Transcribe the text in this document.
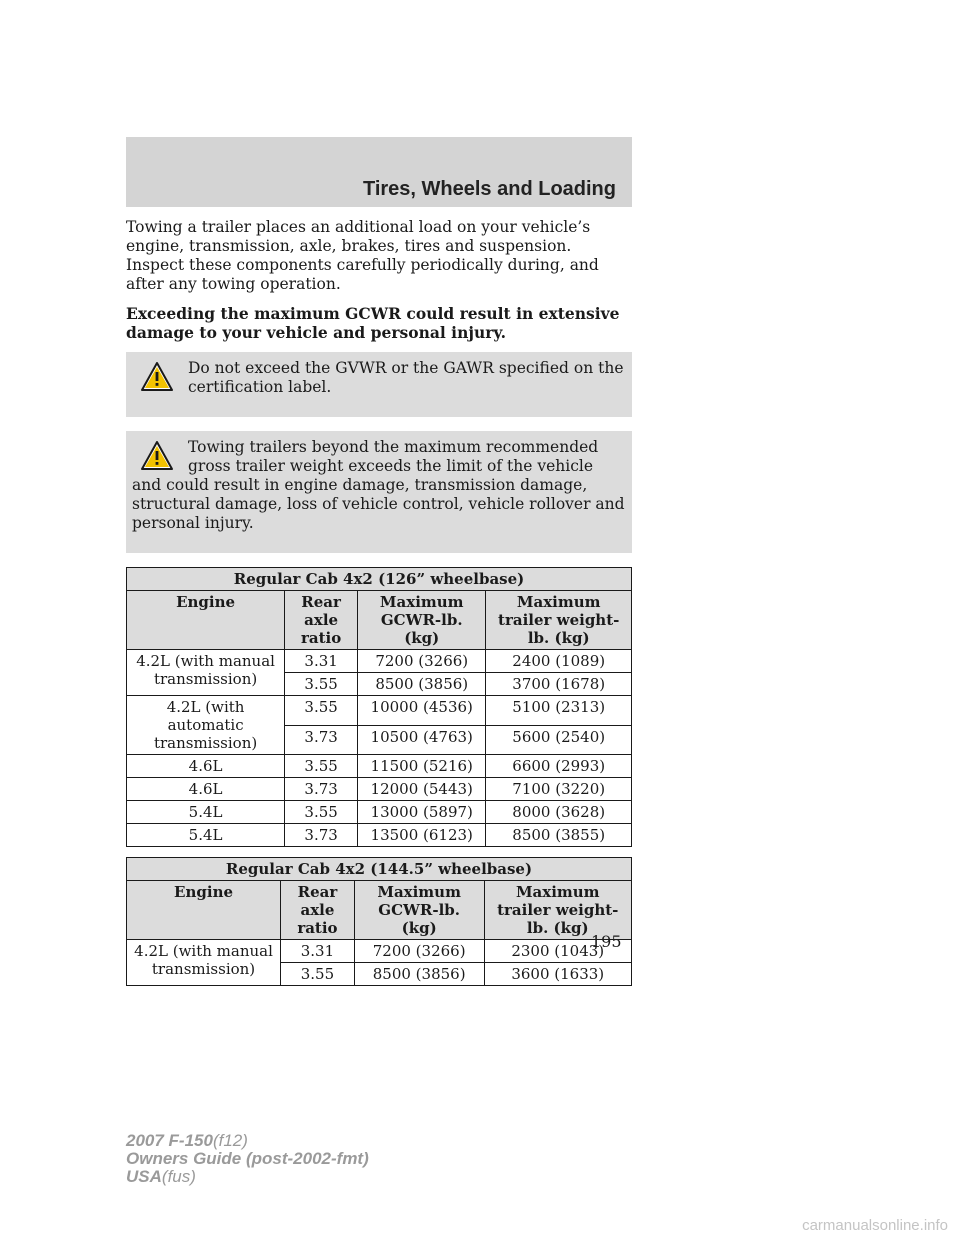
Tires, Wheels and Loading

Towing a trailer places an additional load on your vehicle’s engine, transmission, axle, brakes, tires and suspension. Inspect these components carefully periodically during, and after any towing operation.

Exceeding the maximum GCWR could result in extensive damage to your vehicle and personal injury.

Do not exceed the GVWR or the GAWR specified on the certification label.

Towing trailers beyond the maximum recommended gross trailer weight exceeds the limit of the vehicle and could result in engine damage, transmission damage, structural damage, loss of vehicle control, vehicle rollover and personal injury.

Regular Cab 4x2 (126” wheelbase)			
Engine	Rear axle ratio	Maximum GCWR-lb. (kg)	Maximum trailer weight-lb. (kg)
4.2L (with manual transmission)	3.31	7200 (3266)	2400 (1089)
	3.55	8500 (3856)	3700 (1678)
4.2L (with automatic transmission)	3.55	10000 (4536)	5100 (2313)
	3.73	10500 (4763)	5600 (2540)
4.6L	3.55	11500 (5216)	6600 (2993)
4.6L	3.73	12000 (5443)	7100 (3220)
5.4L	3.55	13000 (5897)	8000 (3628)
5.4L	3.73	13500 (6123)	8500 (3855)
Regular Cab 4x2 (144.5” wheelbase)			
Engine	Rear axle ratio	Maximum GCWR-lb. (kg)	Maximum trailer weight-lb. (kg)
4.2L (with manual transmission)	3.31	7200 (3266)	2300 (1043)
	3.55	8500 (3856)	3600 (1633)
195
2007 F-150(f12)
Owners Guide (post-2002-fmt)
USA(fus)
carmanualsonline.info
